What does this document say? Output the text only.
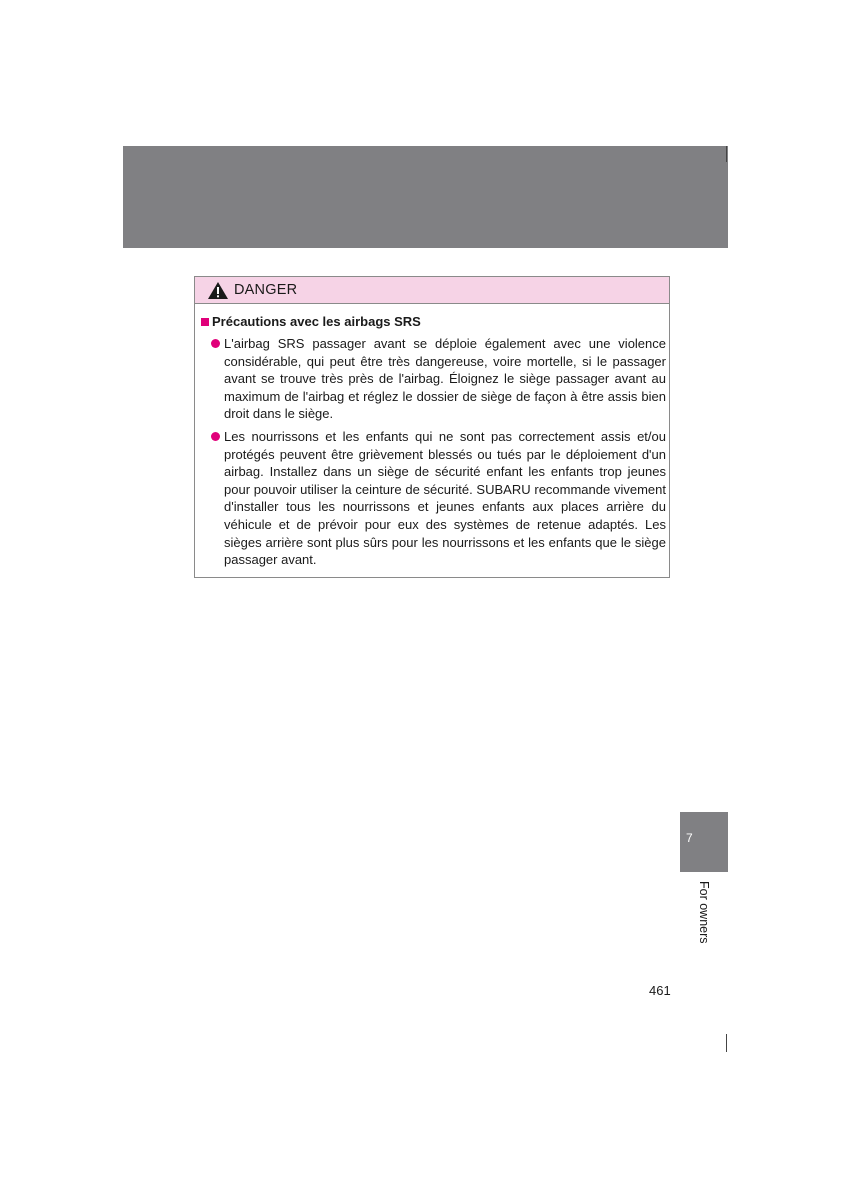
DANGER
Précautions avec les airbags SRS
L'airbag SRS passager avant se déploie également avec une violence considérable, qui peut être très dangereuse, voire mortelle, si le passager avant se trouve très près de l'airbag. Éloignez le siège passager avant au maximum de l'airbag et réglez le dossier de siège de façon à être assis bien droit dans le siège.
Les nourrissons et les enfants qui ne sont pas correctement assis et/ou protégés peuvent être grièvement blessés ou tués par le déploiement d'un airbag. Installez dans un siège de sécurité enfant les enfants trop jeunes pour pouvoir utiliser la ceinture de sécurité. SUBARU recommande vivement d'installer tous les nourrissons et jeunes enfants aux places arrière du véhicule et de prévoir pour eux des systèmes de retenue adaptés. Les sièges arrière sont plus sûrs pour les nourrissons et les enfants que le siège passager avant.
7
For owners
461
